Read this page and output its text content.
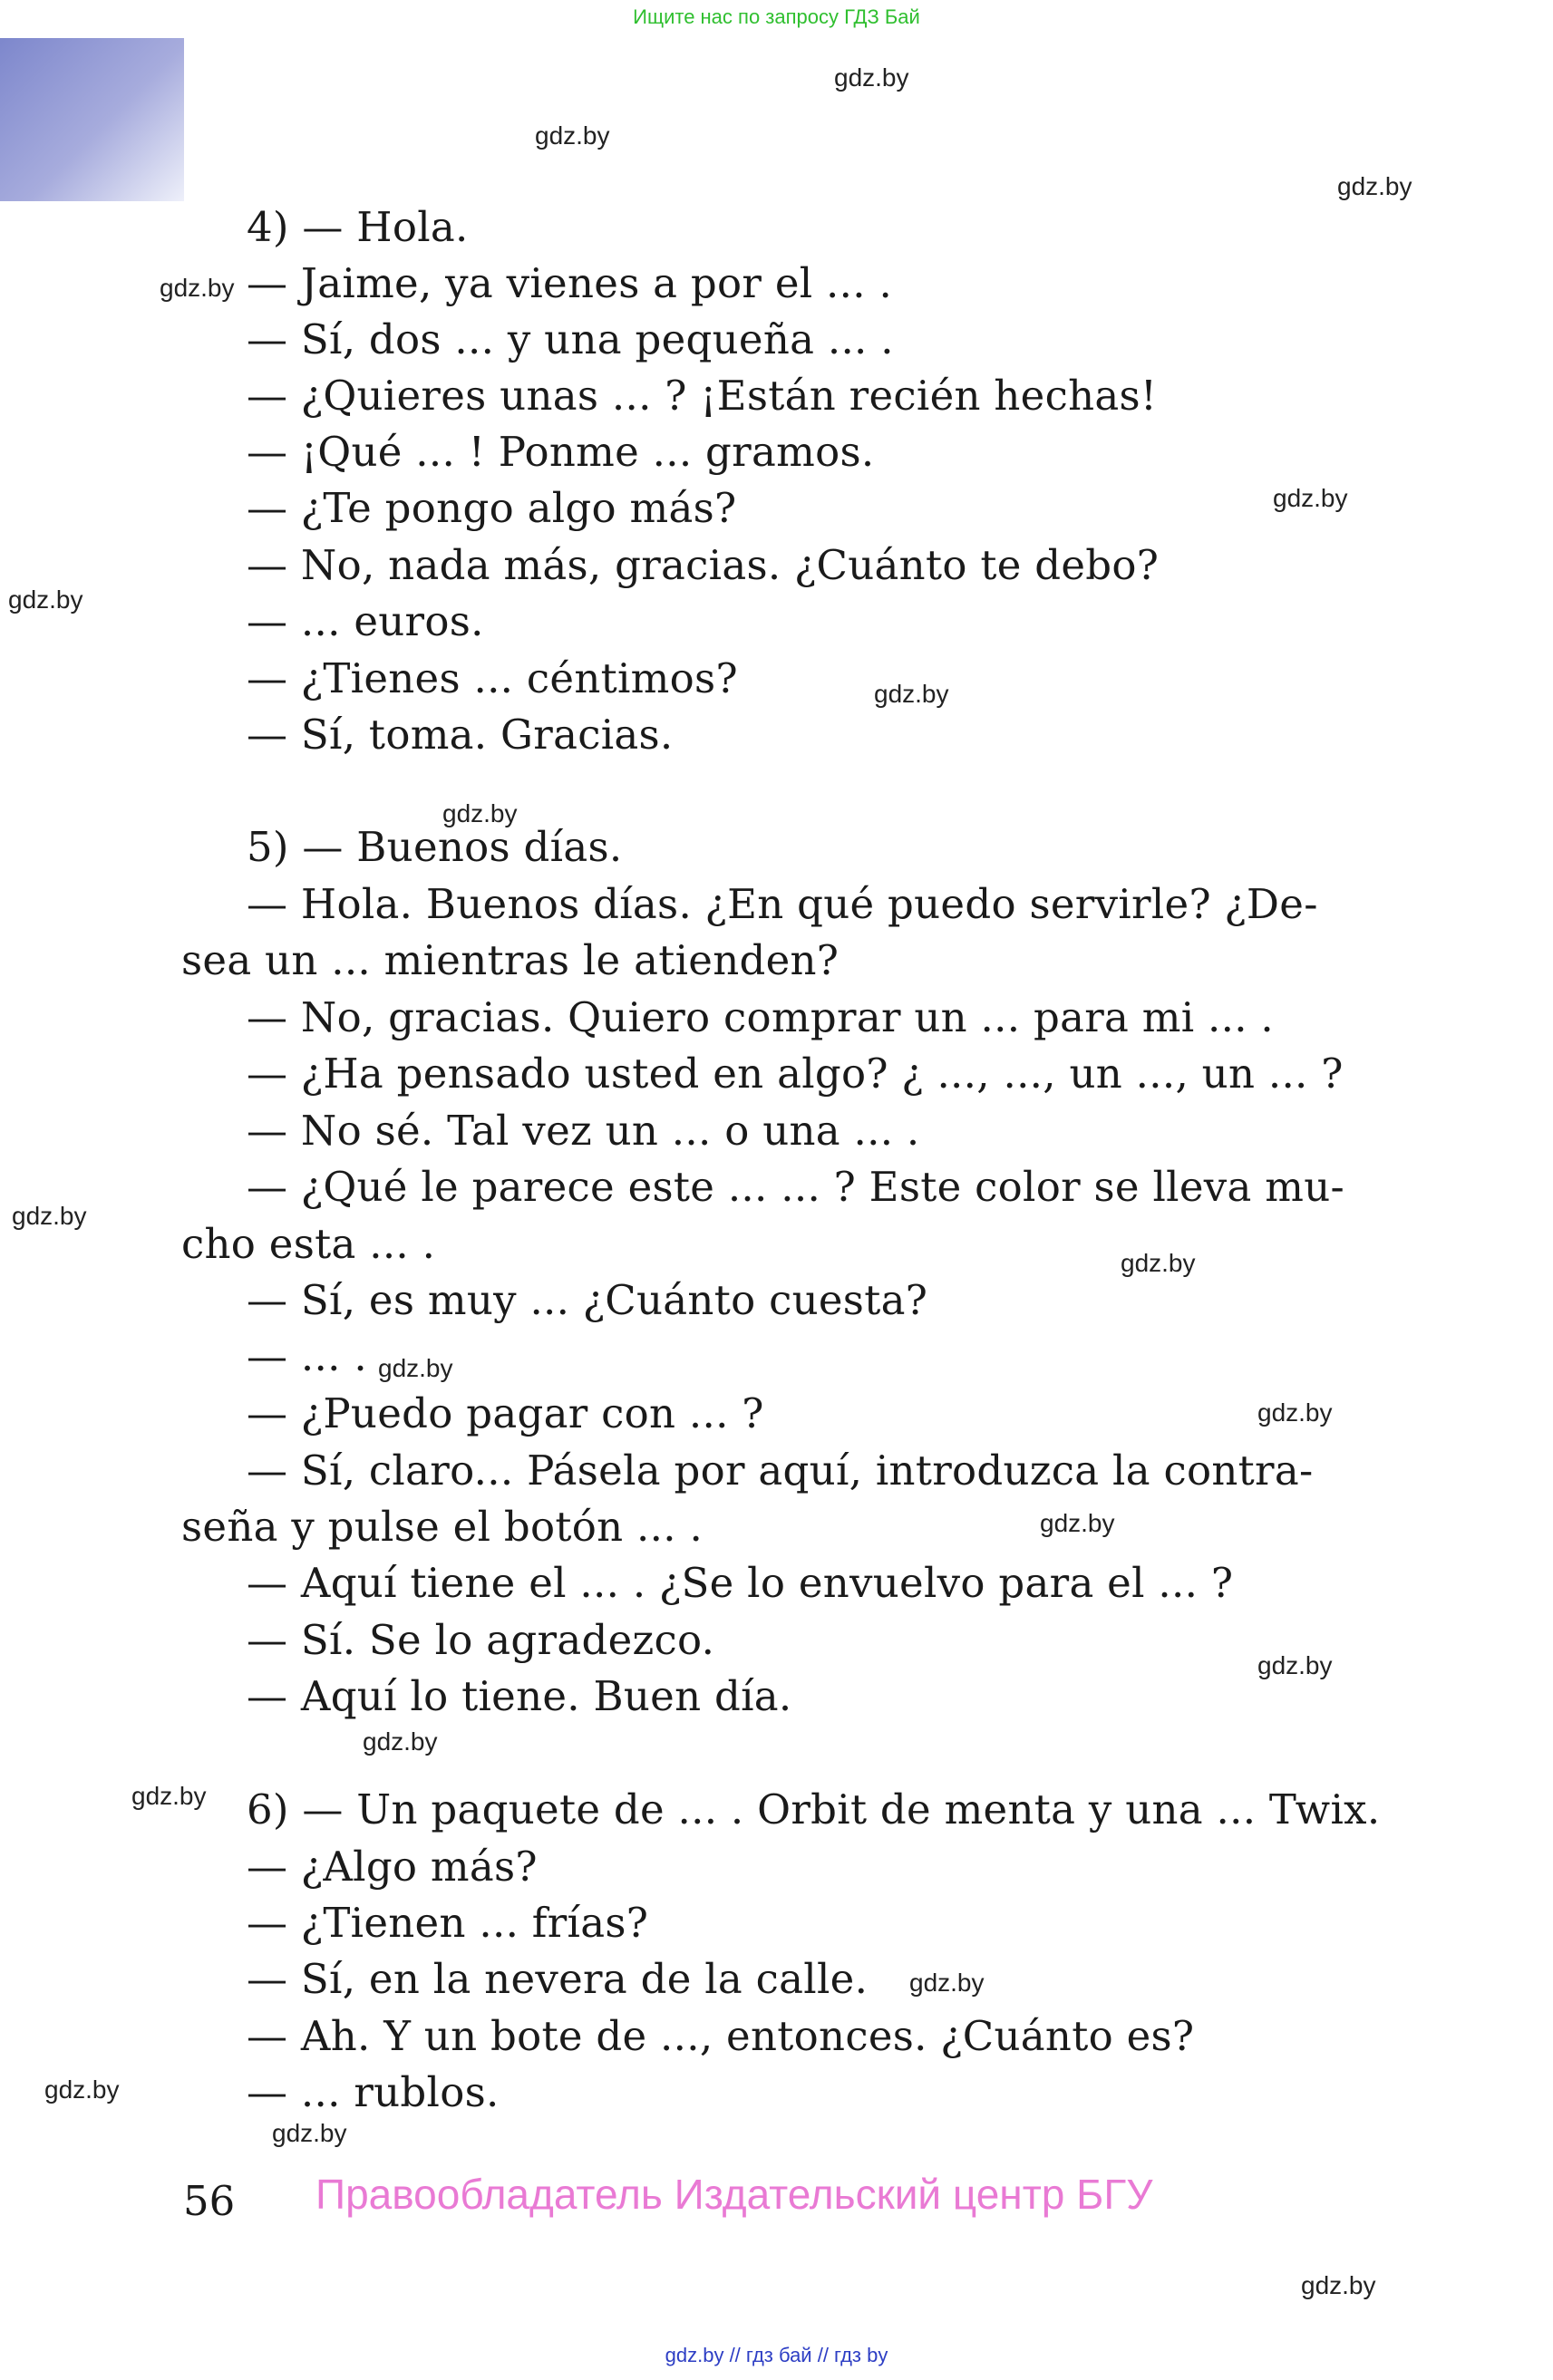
Ищите нас по запросу ГДЗ Бай
gdz.by
gdz.by
gdz.by
gdz.by
gdz.by
gdz.by
gdz.by
gdz.by
gdz.by
gdz.by
gdz.by
gdz.by
gdz.by
gdz.by
gdz.by
gdz.by
gdz.by
gdz.by
gdz.by
gdz.by
4) — Hola.
— Jaime, ya vienes a por el ... .
— Sí, dos ... y una pequeña ... .
— ¿Quieres unas ... ? ¡Están recién hechas!
— ¡Qué ... ! Ponme ... gramos.
— ¿Te pongo algo más?
— No, nada más, gracias. ¿Cuánto te debo?
— ... euros.
— ¿Tienes ... céntimos?
— Sí, toma. Gracias.
5) — Buenos días.
— Hola. Buenos días. ¿En qué puedo servirle? ¿De-
sea un ... mientras le atienden?
— No, gracias. Quiero comprar un ... para mi ... .
— ¿Ha pensado usted en algo? ¿ ..., ..., un ..., un ... ?
— No sé. Tal vez un ... o una ... .
— ¿Qué le parece este ... ... ? Este color se lleva mu-
cho esta ... .
— Sí, es muy ... ¿Cuánto cuesta?
— ... .
— ¿Puedo pagar con ... ?
— Sí, claro... Pásela por aquí, introduzca la contra-
seña y pulse el botón ... .
— Aquí tiene el ... . ¿Se lo envuelvo para el ... ?
— Sí. Se lo agradezco.
— Aquí lo tiene. Buen día.
6) — Un paquete de ... . Orbit de menta y una ... Twix.
— ¿Algo más?
— ¿Tienen ... frías?
— Sí, en la nevera de la calle.
— Ah. Y un bote de ..., entonces. ¿Cuánto es?
— ... rublos.
56 Правообладатель Издательский центр БГУ
gdz.by // гдз бай // гдз by
